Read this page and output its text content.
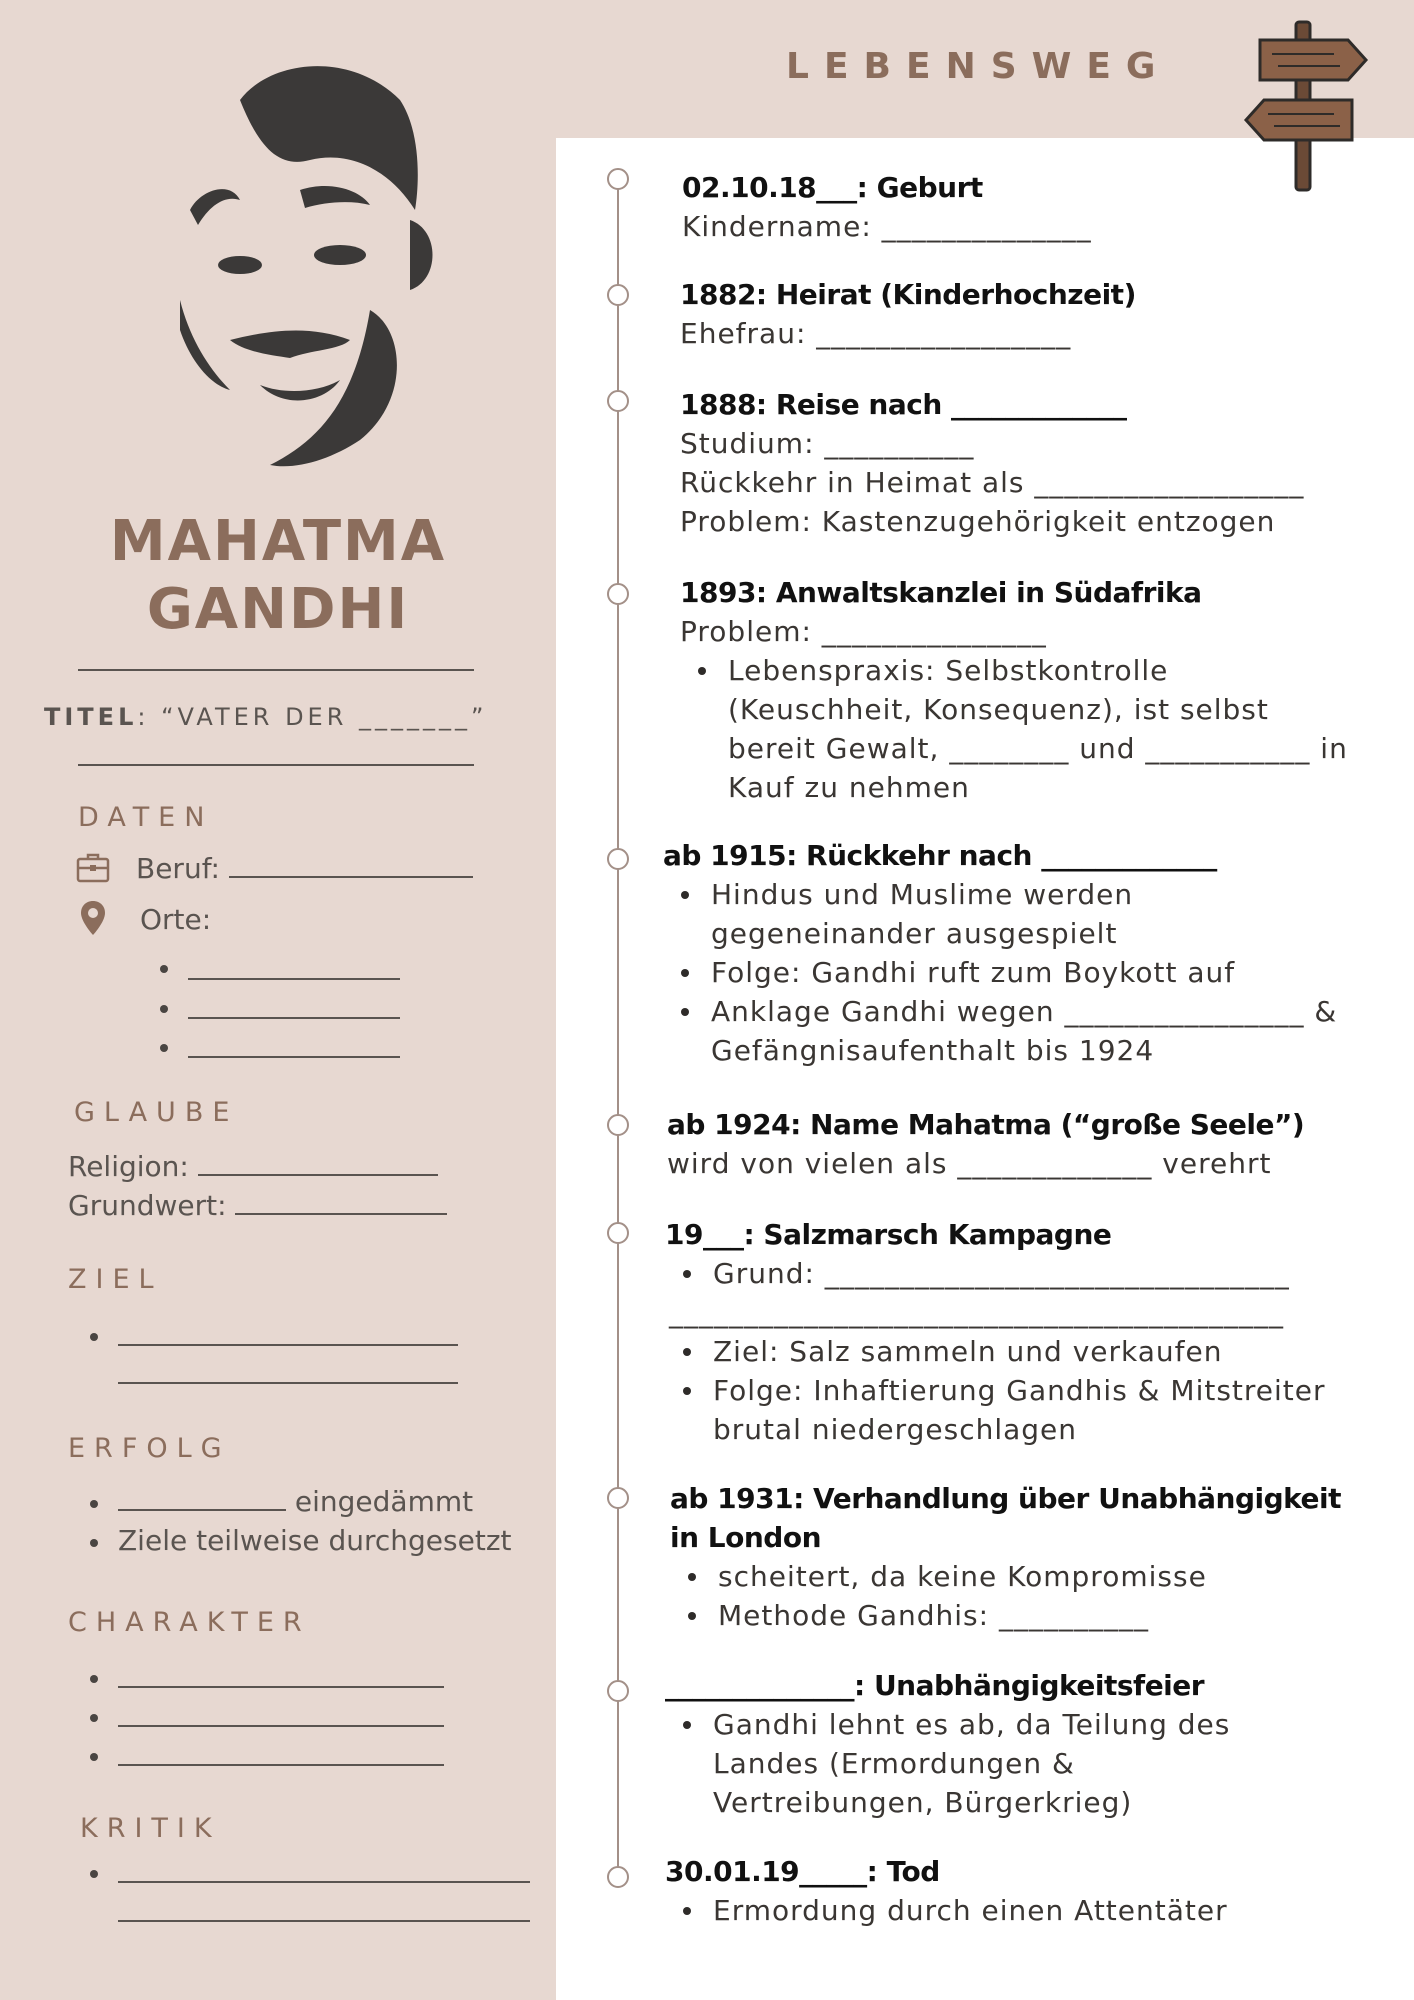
MAHATMA
GANDHI
TITEL: “VATER DER _______”
DATEN
Beruf:
Orte:
GLAUBE
Religion:
Grundwert:
ZIEL
ERFOLG
eingedämmt
Ziele teilweise durchgesetzt
CHARAKTER
KRITIK
LEBENSWEG
02.10.18___: Geburt
Kindername: ______________
1882: Heirat (Kinderhochzeit)
Ehefrau: _________________
1888: Reise nach _____________
Studium: __________
Rückkehr in Heimat als __________________
Problem: Kastenzugehörigkeit entzogen
1893: Anwaltskanzlei in Südafrika
Problem: _______________
Lebenspraxis: Selbstkontrolle (Keuschheit, Konsequenz), ist selbst bereit Gewalt, ________ und ___________ in Kauf zu nehmen
ab 1915: Rückkehr nach _____________
Hindus und Muslime werden gegeneinander ausgespielt
Folge: Gandhi ruft zum Boykott auf
Anklage Gandhi wegen ________________ & Gefängnisaufenthalt bis 1924
ab 1924: Name Mahatma (“große Seele”)
wird von vielen als _____________ verehrt
19___: Salzmarsch Kampagne
Grund: _______________________________
_________________________________________
Ziel: Salz sammeln und verkaufen
Folge: Inhaftierung Gandhis & Mitstreiter brutal niedergeschlagen
ab 1931: Verhandlung über Unabhängigkeit in London
scheitert, da keine Kompromisse
Methode Gandhis: __________
______________: Unabhängigkeitsfeier
Gandhi lehnt es ab, da Teilung des Landes (Ermordungen & Vertreibungen, Bürgerkrieg)
30.01.19_____: Tod
Ermordung durch einen Attentäter
